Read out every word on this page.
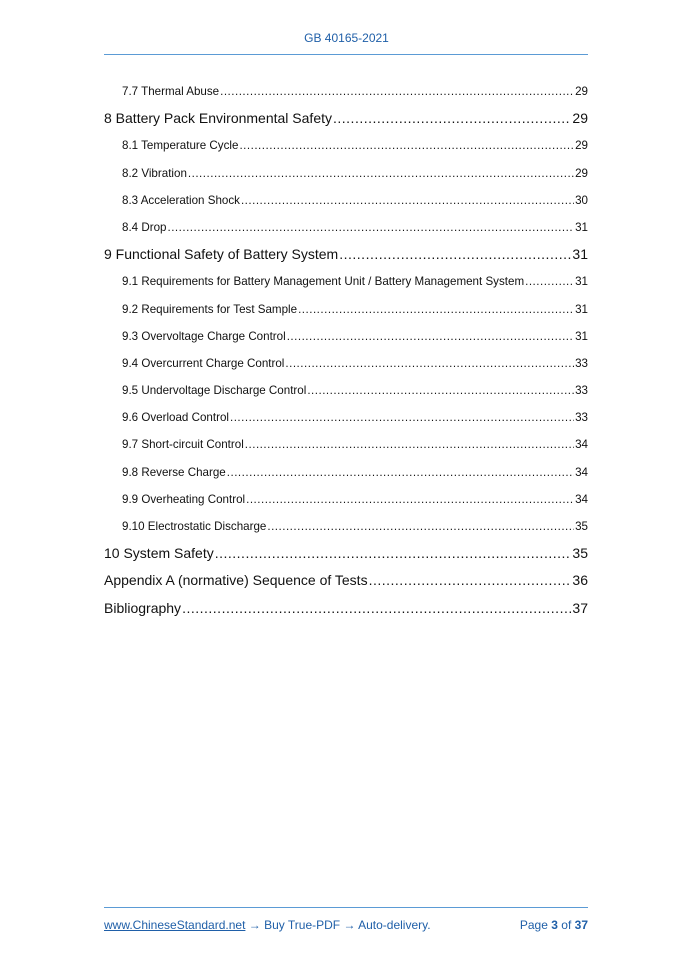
GB 40165-2021
7.7 Thermal Abuse .....	29
8 Battery Pack Environmental Safety .....	29
8.1 Temperature Cycle .....	29
8.2 Vibration .....	29
8.3 Acceleration Shock .....	30
8.4 Drop .....	31
9 Functional Safety of Battery System .....	31
9.1 Requirements for Battery Management Unit / Battery Management System .....	31
9.2 Requirements for Test Sample .....	31
9.3 Overvoltage Charge Control .....	31
9.4 Overcurrent Charge Control .....	33
9.5 Undervoltage Discharge Control .....	33
9.6 Overload Control .....	33
9.7 Short-circuit Control .....	34
9.8 Reverse Charge .....	34
9.9 Overheating Control .....	34
9.10 Electrostatic Discharge .....	35
10 System Safety .....	35
Appendix A (normative) Sequence of Tests .....	36
Bibliography .....	37
www.ChineseStandard.net → Buy True-PDF → Auto-delivery.	Page 3 of 37
